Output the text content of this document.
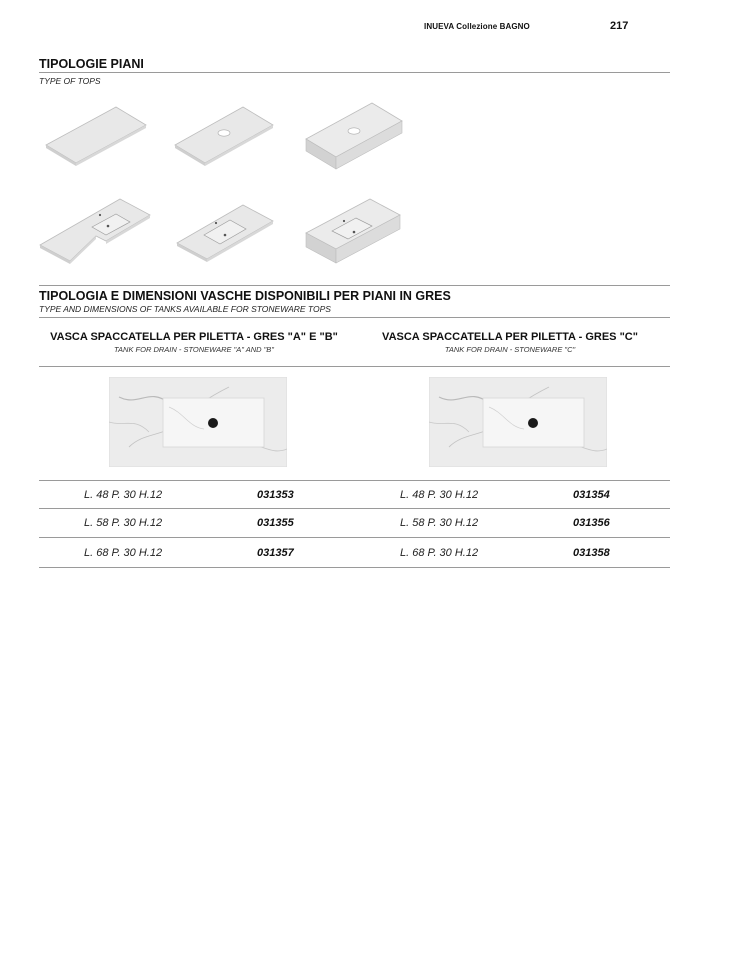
INUEVA Collezione BAGNO	217
TIPOLOGIE PIANI
TYPE OF TOPS
TIPOLOGIA E DIMENSIONI VASCHE DISPONIBILI PER PIANI IN GRES
TYPE AND DIMENSIONS OF TANKS AVAILABLE FOR STONEWARE TOPS
VASCA SPACCATELLA PER PILETTA - GRES "A" E "B"
TANK FOR DRAIN - STONEWARE "A" AND "B"
VASCA SPACCATELLA PER PILETTA - GRES "C"
TANK FOR DRAIN - STONEWARE "C"
L. 48 P. 30 H.12	031353	L. 48 P. 30 H.12	031354
L. 58 P. 30 H.12	031355	L. 58 P. 30 H.12	031356
L. 68 P. 30 H.12	031357	L. 68 P. 30 H.12	031358
